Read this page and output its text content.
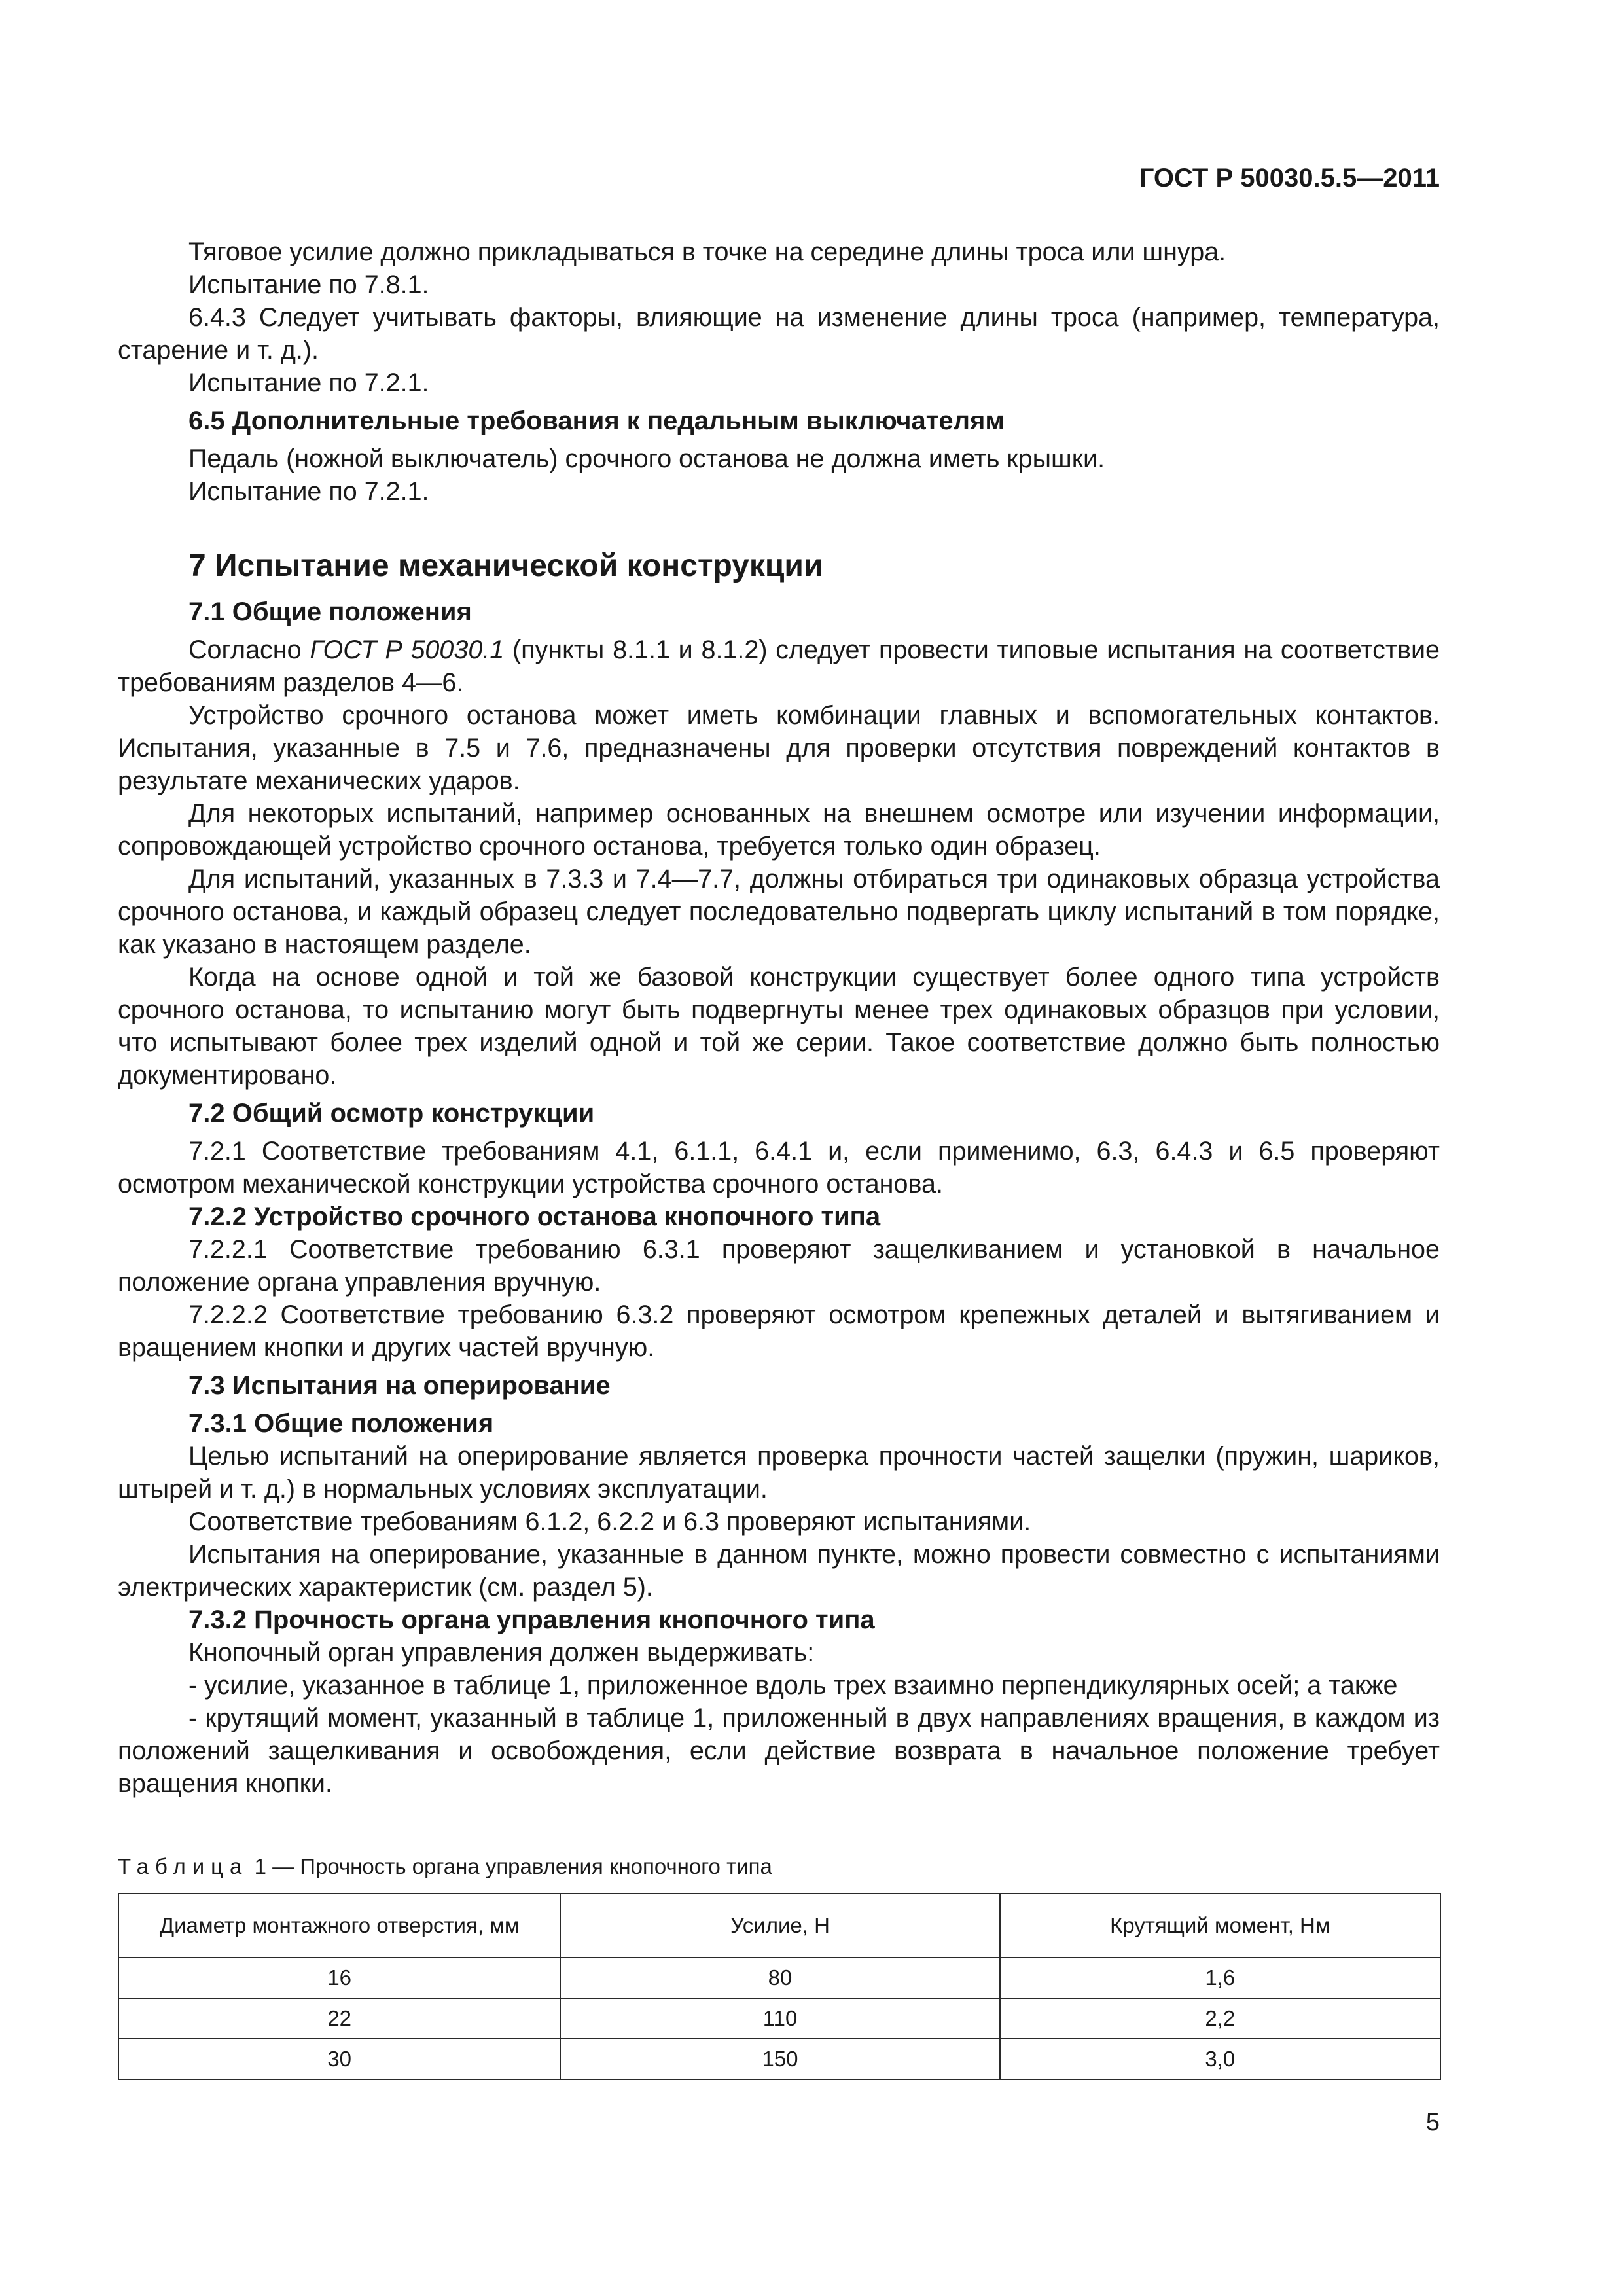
ГОСТ Р 50030.5.5—2011

Тяговое усилие должно прикладываться в точке на середине длины троса или шнура.

Испытание по 7.8.1.

6.4.3 Следует учитывать факторы, влияющие на изменение длины троса (например, температура, старение и т. д.).

Испытание по 7.2.1.

6.5 Дополнительные требования к педальным выключателям

Педаль (ножной выключатель) срочного останова не должна иметь крышки.

Испытание по 7.2.1.

7 Испытание механической конструкции
7.1 Общие положения

Согласно ГОСТ Р 50030.1 (пункты 8.1.1 и 8.1.2) следует провести типовые испытания на соответствие требованиям разделов 4—6.

Устройство срочного останова может иметь комбинации главных и вспомогательных контактов. Испытания, указанные в 7.5 и 7.6, предназначены для проверки отсутствия повреждений контактов в результате механических ударов.

Для некоторых испытаний, например основанных на внешнем осмотре или изучении информации, сопровождающей устройство срочного останова, требуется только один образец.

Для испытаний, указанных в 7.3.3 и 7.4—7.7, должны отбираться три одинаковых образца устройства срочного останова, и каждый образец следует последовательно подвергать циклу испытаний в том порядке, как указано в настоящем разделе.

Когда на основе одной и той же базовой конструкции существует более одного типа устройств срочного останова, то испытанию могут быть подвергнуты менее трех одинаковых образцов при условии, что испытывают более трех изделий одной и той же серии. Такое соответствие должно быть полностью документировано.

7.2 Общий осмотр конструкции

7.2.1 Соответствие требованиям 4.1, 6.1.1, 6.4.1 и, если применимо, 6.3, 6.4.3 и 6.5 проверяют осмотром механической конструкции устройства срочного останова.

7.2.2 Устройство срочного останова кнопочного типа

7.2.2.1 Соответствие требованию 6.3.1 проверяют защелкиванием и установкой в начальное положение органа управления вручную.

7.2.2.2 Соответствие требованию 6.3.2 проверяют осмотром крепежных деталей и вытягиванием и вращением кнопки и других частей вручную.

7.3 Испытания на оперирование
7.3.1 Общие положения

Целью испытаний на оперирование является проверка прочности частей защелки (пружин, шариков, штырей и т. д.) в нормальных условиях эксплуатации.

Соответствие требованиям 6.1.2, 6.2.2 и 6.3 проверяют испытаниями.

Испытания на оперирование, указанные в данном пункте, можно провести совместно с испытаниями электрических характеристик (см. раздел 5).

7.3.2 Прочность органа управления кнопочного типа

Кнопочный орган управления должен выдерживать:

- усилие, указанное в таблице 1, приложенное вдоль трех взаимно перпендикулярных осей; а также

- крутящий момент, указанный в таблице 1, приложенный в двух направлениях вращения, в каждом из положений защелкивания и освобождения, если действие возврата в начальное положение требует вращения кнопки.

Таблица 1 — Прочность органа управления кнопочного типа
Диаметр монтажного отверстия, мм	Усилие, Н	Крутящий момент, Нм
16	80	1,6
22	110	2,2
30	150	3,0
5
